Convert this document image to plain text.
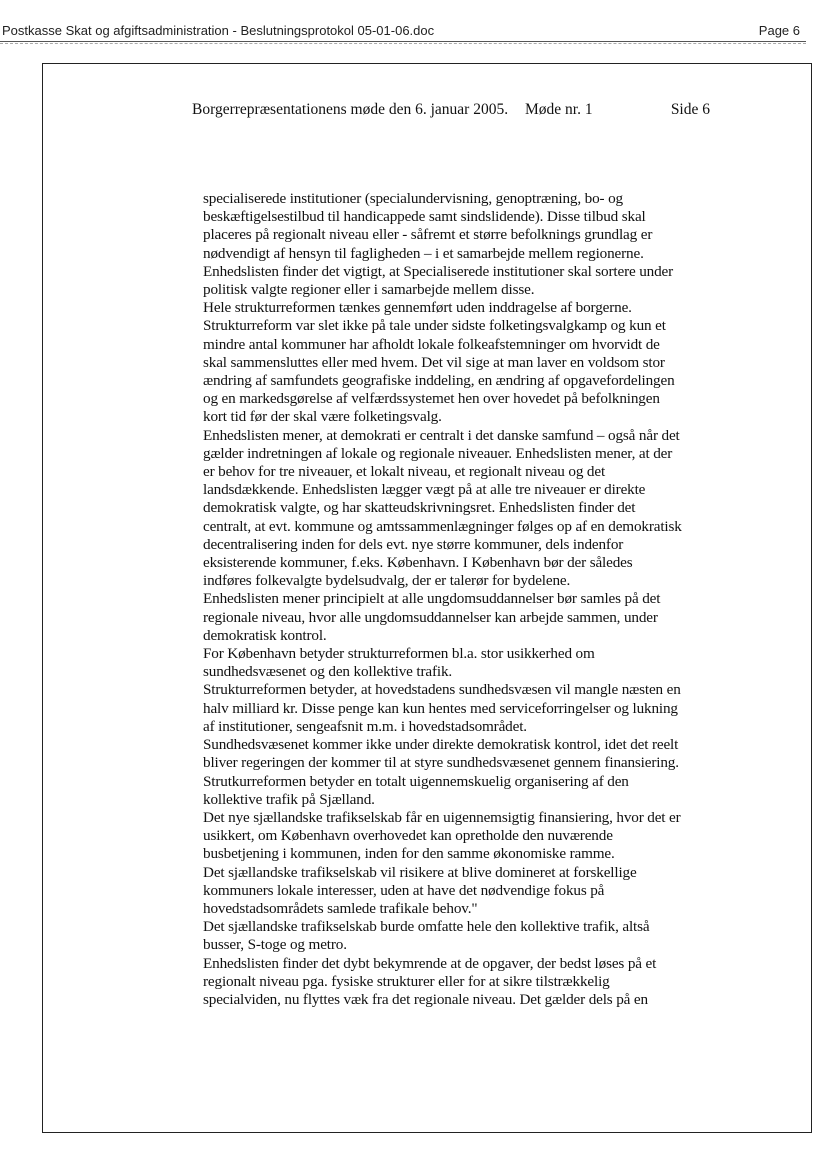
Postkasse Skat og afgiftsadministration - Beslutningsprotokol 05-01-06.doc	Page 6
Borgerrepræsentationens møde den 6. januar 2005. Møde nr. 1	Side 6
specialiserede institutioner (specialundervisning, genoptræning, bo- og
beskæftigelsestilbud til handicappede samt sindslidende). Disse tilbud skal
placeres på regionalt niveau eller - såfremt et større befolknings grundlag er
nødvendigt af hensyn til fagligheden – i et samarbejde mellem regionerne.
Enhedslisten finder det vigtigt, at Specialiserede institutioner skal sortere under
politisk valgte regioner eller i samarbejde mellem disse.
Hele strukturreformen tænkes gennemført uden inddragelse af borgerne.
Strukturreform var slet ikke på tale under sidste folketingsvalgkamp og kun et
mindre antal kommuner har afholdt lokale folkeafstemninger om hvorvidt de
skal sammensluttes eller med hvem. Det vil sige at man laver en voldsom stor
ændring af samfundets geografiske inddeling, en ændring af opgavefordelingen
og en markedsgørelse af velfærdssystemet hen over hovedet på befolkningen
kort tid før der skal være folketingsvalg.
Enhedslisten mener, at demokrati er centralt i det danske samfund – også når det
gælder indretningen af lokale og regionale niveauer. Enhedslisten mener, at der
er behov for tre niveauer, et lokalt niveau, et regionalt niveau og det
landsdækkende. Enhedslisten lægger vægt på at alle tre niveauer er direkte
demokratisk valgte, og har skatteudskrivningsret. Enhedslisten finder det
centralt, at evt. kommune og amtssammenlægninger følges op af en demokratisk
decentralisering inden for dels evt. nye større kommuner, dels indenfor
eksisterende kommuner, f.eks. København. I København bør der således
indføres folkevalgte bydelsudvalg, der er talerør for bydelene.
Enhedslisten mener principielt at alle ungdomsuddannelser bør samles på det
regionale niveau, hvor alle ungdomsuddannelser kan arbejde sammen, under
demokratisk kontrol.
For København betyder strukturreformen bl.a. stor usikkerhed om
sundhedsvæsenet og den kollektive trafik.
Strukturreformen betyder, at hovedstadens sundhedsvæsen vil mangle næsten en
halv milliard kr. Disse penge kan kun hentes med serviceforringelser og lukning
af institutioner, sengeafsnit m.m. i hovedstadsområdet.
Sundhedsvæsenet kommer ikke under direkte demokratisk kontrol, idet det reelt
bliver regeringen der kommer til at styre sundhedsvæsenet gennem finansiering.
Strutkurreformen betyder en totalt uigennemskuelig organisering af den
kollektive trafik på Sjælland.
Det nye sjællandske trafikselskab får en uigennemsigtig finansiering, hvor det er
usikkert, om København overhovedet kan opretholde den nuværende
busbetjening i kommunen, inden for den samme økonomiske ramme.
Det sjællandske trafikselskab vil risikere at blive domineret at forskellige
kommuners lokale interesser, uden at have det nødvendige fokus på
hovedstadsområdets samlede trafikale behov."
Det sjællandske trafikselskab burde omfatte hele den kollektive trafik, altså
busser, S-toge og metro.
Enhedslisten finder det dybt bekymrende at de opgaver, der bedst løses på et
regionalt niveau pga. fysiske strukturer eller for at sikre tilstrækkelig
specialviden, nu flyttes væk fra det regionale niveau. Det gælder dels på en
